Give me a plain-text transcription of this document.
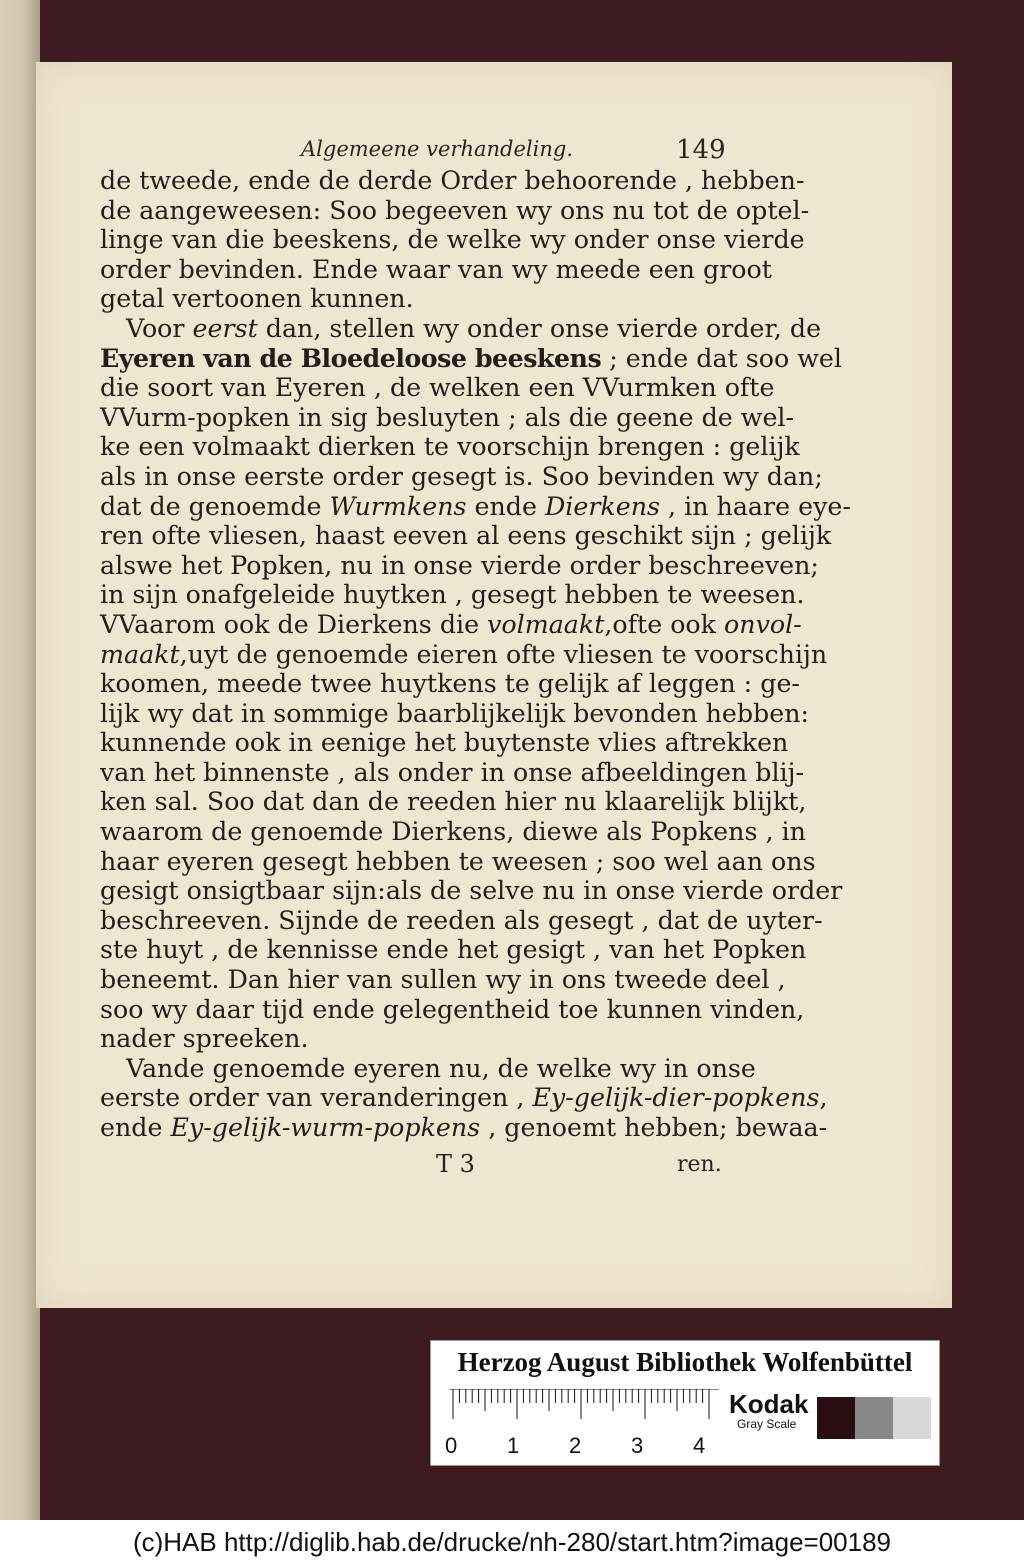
Algemeene verhandeling.	149
de tweede, ende de derde Order behoorende , hebben-
de aangeweesen: Soo begeeven wy ons nu tot de optel-
linge van die beeskens, de welke wy onder onse vierde
order bevinden. Ende waar van wy meede een groot
getal vertoonen kunnen.
Voor eerst dan, stellen wy onder onse vierde order, de
Eyeren van de Bloedeloose beeskens ; ende dat soo wel
die soort van Eyeren , de welken een VVurmken ofte
VVurm-popken in sig besluyten ; als die geene de wel-
ke een volmaakt dierken te voorschijn brengen : gelijk
als in onse eerste order gesegt is. Soo bevinden wy dan;
dat de genoemde Wurmkens ende Dierkens , in haare eye-
ren ofte vliesen, haast eeven al eens geschikt sijn ; gelijk
alswe het Popken, nu in onse vierde order beschreeven;
in sijn onafgeleide huytken , gesegt hebben te weesen.
VVaarom ook de Dierkens die volmaakt,ofte ook onvol-
maakt,uyt de genoemde eieren ofte vliesen te voorschijn
koomen, meede twee huytkens te gelijk af leggen : ge-
lijk wy dat in sommige baarblijkelijk bevonden hebben:
kunnende ook in eenige het buytenste vlies aftrekken
van het binnenste , als onder in onse afbeeldingen blij-
ken sal. Soo dat dan de reeden hier nu klaarelijk blijkt,
waarom de genoemde Dierkens, diewe als Popkens , in
haar eyeren gesegt hebben te weesen ; soo wel aan ons
gesigt onsigtbaar sijn:als de selve nu in onse vierde order
beschreeven. Sijnde de reeden als gesegt , dat de uyter-
ste huyt , de kennisse ende het gesigt , van het Popken
beneemt. Dan hier van sullen wy in ons tweede deel ,
soo wy daar tijd ende gelegentheid toe kunnen vinden,
nader spreeken.
Vande genoemde eyeren nu, de welke wy in onse
eerste order van veranderingen , Ey-gelijk-dier-popkens,
ende Ey-gelijk-wurm-popkens , genoemt hebben; bewaa-
T 3	ren.
Herzog August Bibliothek Wolfenbüttel
0 1 2 3 4
Kodak
Gray Scale
(c)HAB http://diglib.hab.de/drucke/nh-280/start.htm?image=00189
